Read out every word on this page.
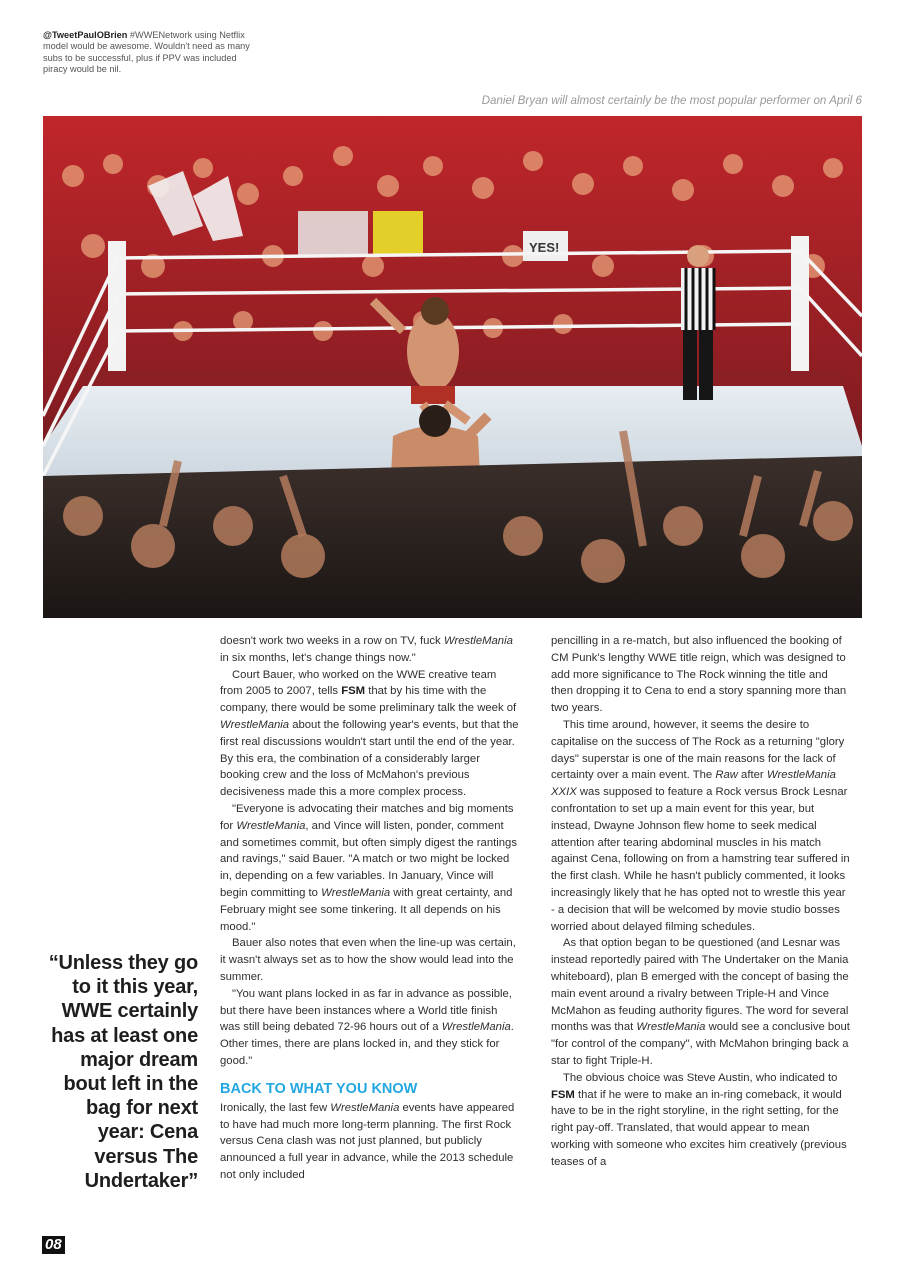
@TweetPaulOBrien #WWENetwork using Netflix model would be awesome. Wouldn't need as many subs to be successful, plus if PPV was included piracy would be nil.
Daniel Bryan will almost certainly be the most popular performer on April 6
YES!

doesn't work two weeks in a row on TV, fuck WrestleMania in six months, let's change things now."

Court Bauer, who worked on the WWE creative team from 2005 to 2007, tells FSM that by his time with the company, there would be some preliminary talk the week of WrestleMania about the following year's events, but that the first real discussions wouldn't start until the end of the year. By this era, the combination of a considerably larger booking crew and the loss of McMahon's previous decisiveness made this a more complex process.

"Everyone is advocating their matches and big moments for WrestleMania, and Vince will listen, ponder, comment and sometimes commit, but often simply digest the rantings and ravings," said Bauer. "A match or two might be locked in, depending on a few variables. In January, Vince will begin committing to WrestleMania with great certainty, and February might see some tinkering. It all depends on his mood."

Bauer also notes that even when the line-up was certain, it wasn't always set as to how the show would lead into the summer.

"You want plans locked in as far in advance as possible, but there have been instances where a World title finish was still being debated 72-96 hours out of a WrestleMania. Other times, there are plans locked in, and they stick for good."

BACK TO WHAT YOU KNOW

Ironically, the last few WrestleMania events have appeared to have had much more long-term planning. The first Rock versus Cena clash was not just planned, but publicly announced a full year in advance, while the 2013 schedule not only included

pencilling in a re-match, but also influenced the booking of CM Punk's lengthy WWE title reign, which was designed to add more significance to The Rock winning the title and then dropping it to Cena to end a story spanning more than two years.

This time around, however, it seems the desire to capitalise on the success of The Rock as a returning "glory days" superstar is one of the main reasons for the lack of certainty over a main event. The Raw after WrestleMania XXIX was supposed to feature a Rock versus Brock Lesnar confrontation to set up a main event for this year, but instead, Dwayne Johnson flew home to seek medical attention after tearing abdominal muscles in his match against Cena, following on from a hamstring tear suffered in the first clash. While he hasn't publicly commented, it looks increasingly likely that he has opted not to wrestle this year - a decision that will be welcomed by movie studio bosses worried about delayed filming schedules.

As that option began to be questioned (and Lesnar was instead reportedly paired with The Undertaker on the Mania whiteboard), plan B emerged with the concept of basing the main event around a rivalry between Triple-H and Vince McMahon as feuding authority figures. The word for several months was that WrestleMania would see a conclusive bout "for control of the company", with McMahon bringing back a star to fight Triple-H.

The obvious choice was Steve Austin, who indicated to FSM that if he were to make an in-ring comeback, it would have to be in the right storyline, in the right setting, for the right pay-off. Translated, that would appear to mean working with someone who excites him creatively (previous teases of a

“Unless they go to it this year, WWE certainly has at least one major dream bout left in the bag for next year: Cena versus The Undertaker”
08
